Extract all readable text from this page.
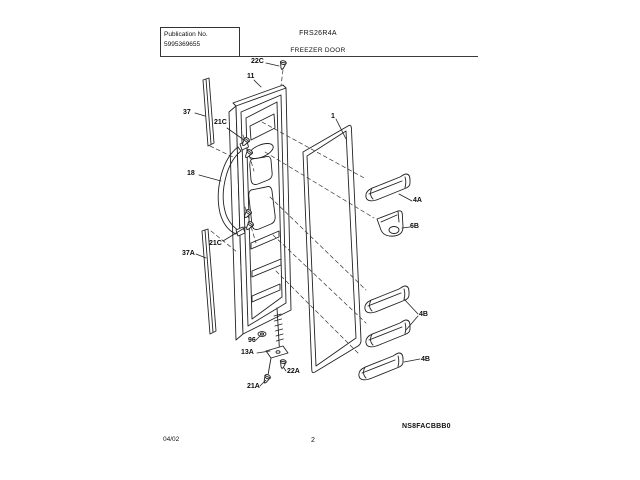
Publication No.
5995369655
FRS26R4A
FREEZER DOOR
22C
11
37
21C
18
21C
37A
1
4A
6B
4B
4B
96
13A
22A
21A
04/02	2
NS8FACBBB0
